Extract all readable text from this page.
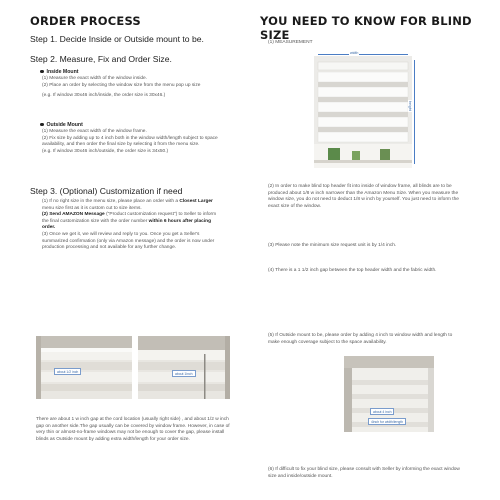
ORDER PROCESS
Step 1. Decide Inside or Outside mount to be.
Step 2. Measure, Fix and Order Size.
Inside Mount
(1) Measure the exact width of the window inside.
(2) Place an order by selecting the window size from the menu pop up size
(e.g. If window 30x46 inch/inside, the order size is 30x46.)
Outside Mount
(1) Measure the exact width of the window frame.
(2) Fix size by adding up to 4 inch both in the window width/length subject to space availability, and then order the final size by selecting it from the menu size.
(e.g. If window 30x46 inch/outside, the order size is 34x50.)
Step 3. (Optional) Customization if need
(1) If no right size in the menu size, please place an order with a Closest Larger menu size first as it is custom cut to size items.
(2) Send AMAZON Message ("Product customization request") to Seller to inform the final customization size with the order number within 6 hours after placing order.
(3) Once we get it, we will review and reply to you. Once you get a Seller's summarized confirmation (only via Amazon message) and the order is now under production processing and not available for any further change.
about 1/2 inch	about 1inch
There are about 1 w inch gap at the cord location (usually right side) , and about 1/2 w inch gap on another side.The gap usually can be covered by window frame. However, in case of very thin or almost-no-frame windows may not be enough to cover the gap, please install blinds as Outside mount by adding extra width/length for your order size.
YOU NEED TO KNOW FOR BLIND SIZE
(1) MEASUREMENT
width
height
(2) In order to make blind top header fit into inside of window frame, all blinds are to be produced about 1/8 w inch narrower than the Amazon Menu Size. When you measure the window size, you do not need to deduct 1/8 w inch by yourself. You just need to inform the exact size of the window.
(3) Please note the minimum size request unit is by 1/4 inch.
(4) There is a 1 1/2 inch gap between the top header width and the fabric width.
(5) If Outside mount to be, please order by adding 4 inch to window width and length to make enough coverage subject to the space availability.
about 4 inch
4inch for width/length
(6) If difficult to fix your blind size, please consult with Seller by informing the exact window size and inside/outside mount.
